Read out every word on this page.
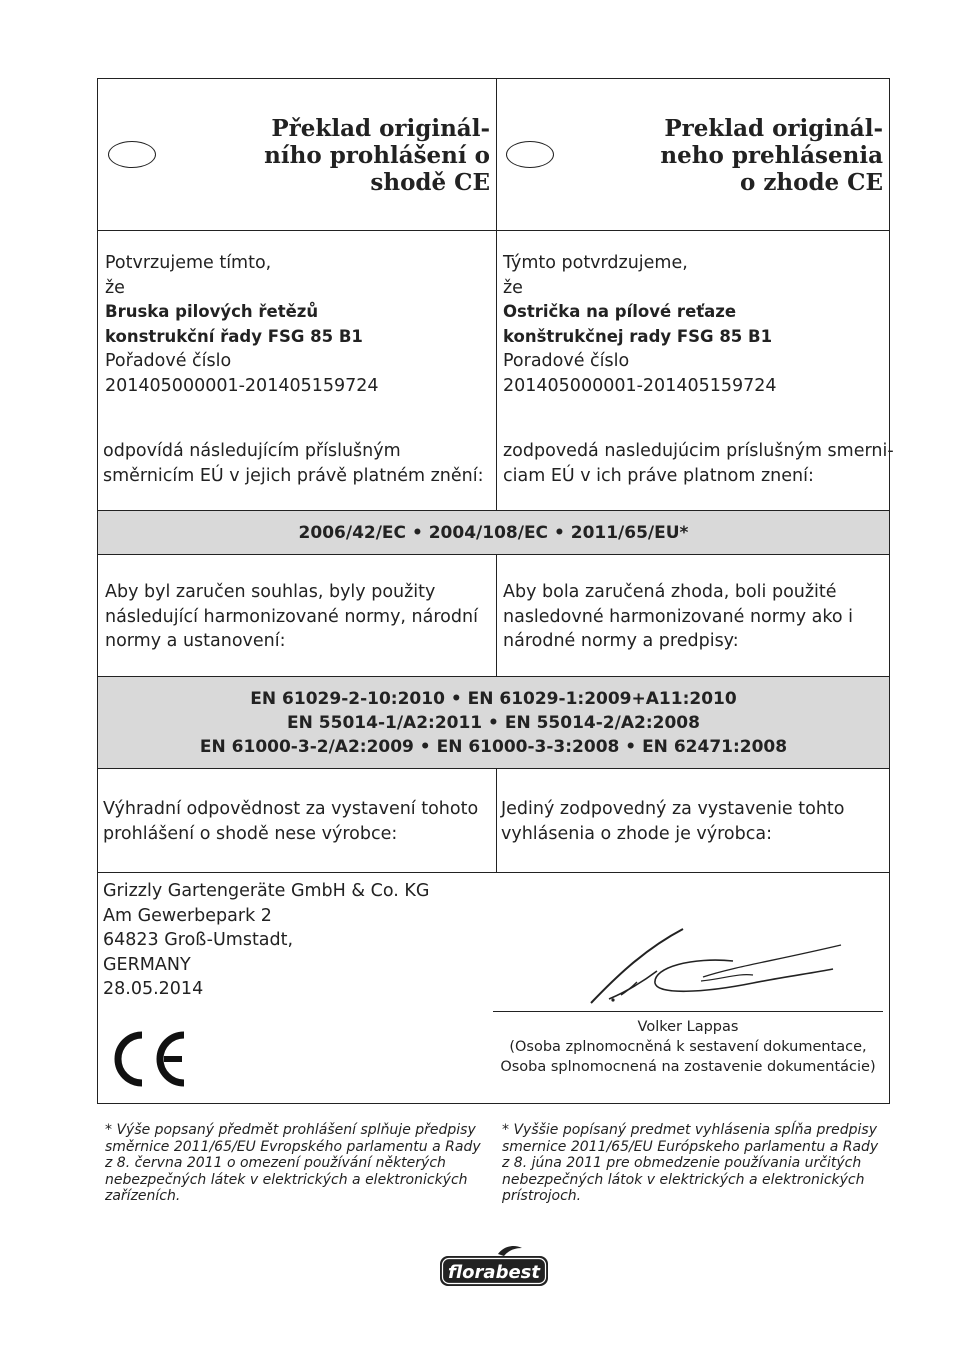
Překlad originál-
ního prohlášení o
shodě CE
Preklad originál-
neho prehlásenia
o zhode CE
Potvrzujeme tímto,
že
Bruska pilových řetězů
konstrukční řady FSG 85 B1
Pořadové číslo
201405000001-201405159724
odpovídá následujícím příslušným
směrnicím EÚ v jejich právě platném znění:
Týmto potvrdzujeme,
že
Ostrička na pílové reťaze
konštrukčnej rady FSG 85 B1
Poradové číslo
201405000001-201405159724
zodpovedá nasledujúcim príslušným smerni-
ciam EÚ v ich práve platnom znení:
2006/42/EC • 2004/108/EC • 2011/65/EU*
Aby byl zaručen souhlas, byly použity
následující harmonizované normy, národní
normy a ustanovení:
Aby bola zaručená zhoda, boli použité
nasledovné harmonizované normy ako i
národné normy a predpisy:
EN 61029-2-10:2010 • EN 61029-1:2009+A11:2010
EN 55014-1/A2:2011 • EN 55014-2/A2:2008
EN 61000-3-2/A2:2009 • EN 61000-3-3:2008 • EN 62471:2008
Výhradní odpovědnost za vystavení tohoto
prohlášení o shodě nese výrobce:
Jediný zodpovedný za vystavenie tohto
vyhlásenia o zhode je výrobca:
Grizzly Gartengeräte GmbH & Co. KG
Am Gewerbepark 2
64823 Groß-Umstadt,
GERMANY
28.05.2014
Volker Lappas
(Osoba zplnomocněná k sestavení dokumentace,
Osoba splnomocnená na zostavenie dokumentácie)
* Výše popsaný předmět prohlášení splňuje předpisy
směrnice 2011/65/EU Evropského parlamentu a Rady
z 8. června 2011 o omezení používání některých
nebezpečných látek v elektrických a elektronických
zařízeních.
* Vyššie popísaný predmet vyhlásenia spĺňa predpisy
smernice 2011/65/EU Európskeho parlamentu a Rady
z 8. júna 2011 pre obmedzenie používania určitých
nebezpečných látok v elektrických a elektronických
prístrojoch.
florabest
